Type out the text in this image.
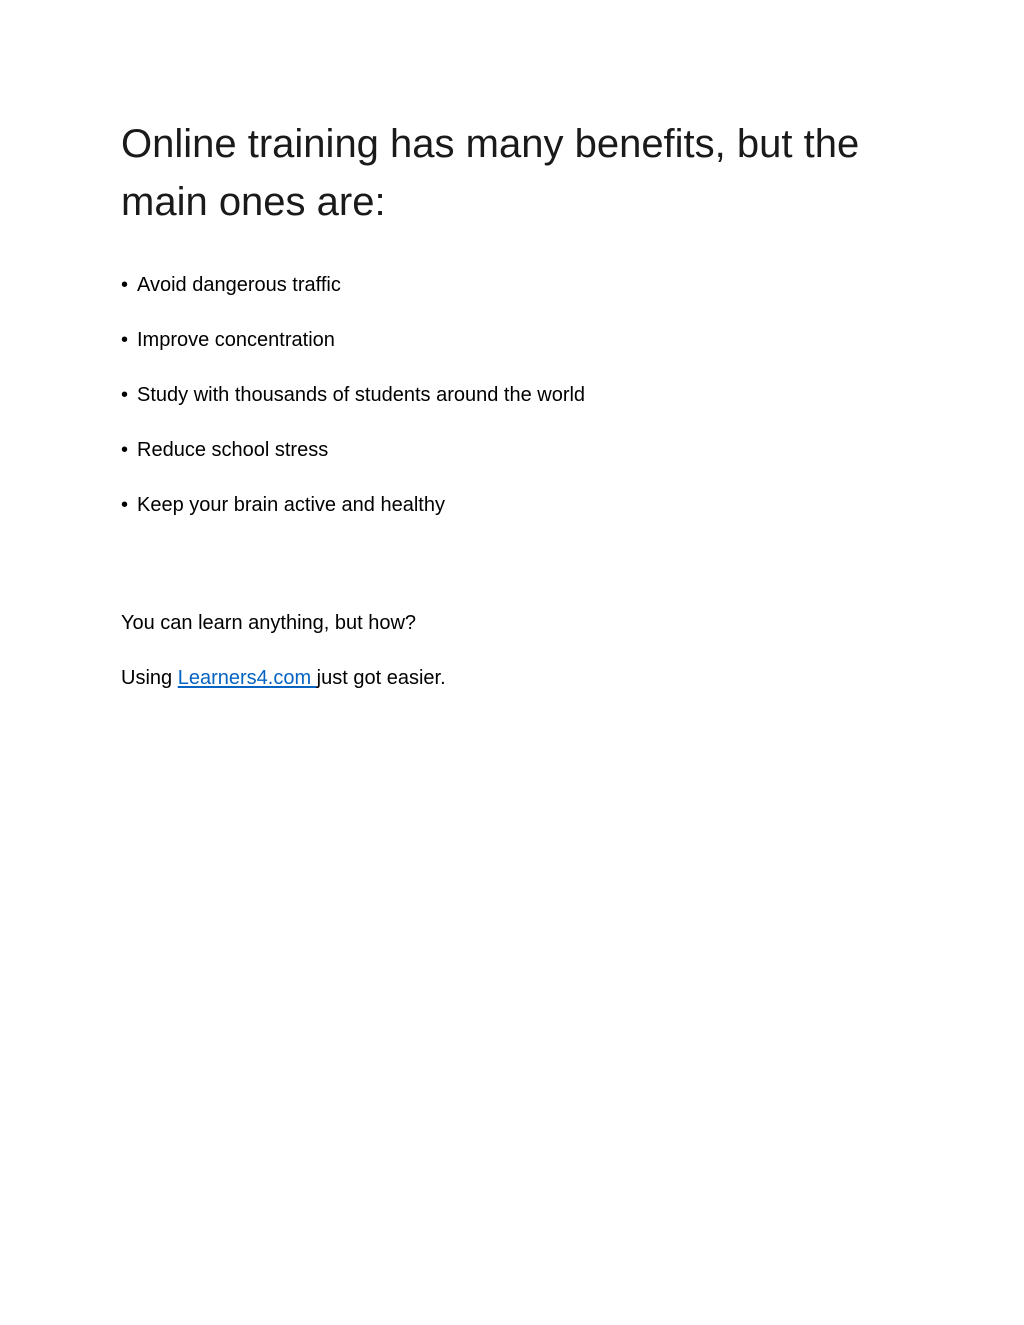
Online training has many benefits, but the main ones are:
• Avoid dangerous traffic
• Improve concentration
• Study with thousands of students around the world
• Reduce school stress
• Keep your brain active and healthy

You can learn anything, but how?

Using Learners4.com just got easier.
